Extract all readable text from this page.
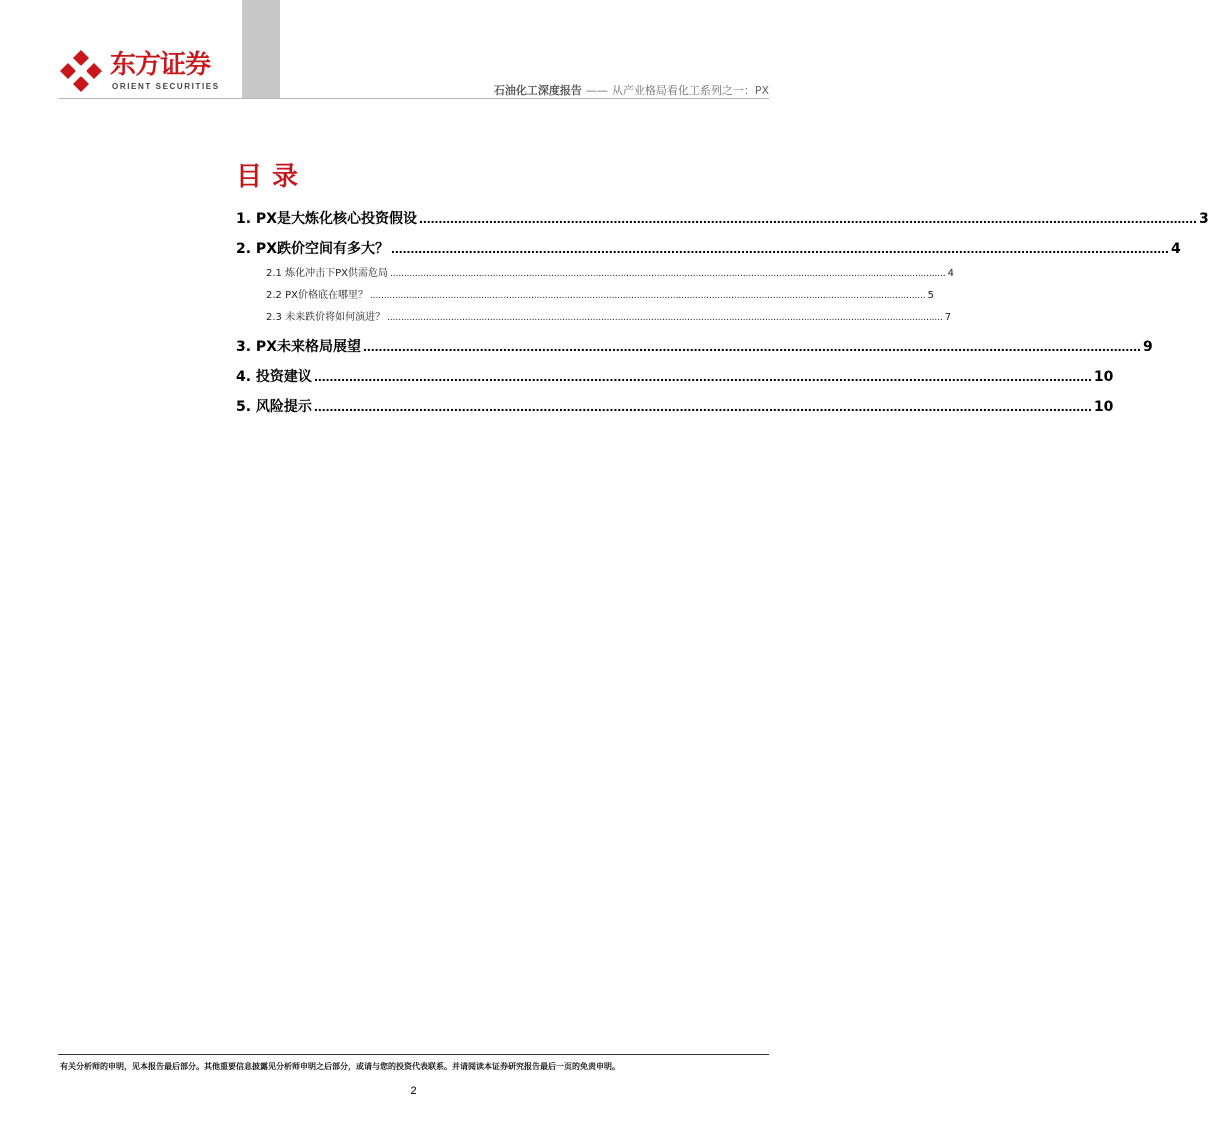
东方证券
ORIENT SECURITIES	石油化工深度报告 —— 从产业格局看化工系列之一：PX
目录
1. PX是大炼化核心投资假设 ........................................................................................................................................................................................................ 3
2. PX跌价空间有多大？ ........................................................................................................................................................................................................ 4
2.1 炼化冲击下PX供需危局 ........................................................................................................................................................................................................ 4
2.2 PX价格底在哪里？ ........................................................................................................................................................................................................ 5
2.3 未来跌价将如何演进？ ........................................................................................................................................................................................................ 7
3. PX未来格局展望 ........................................................................................................................................................................................................ 9
4. 投资建议 ........................................................................................................................................................................................................ 10
5. 风险提示 ........................................................................................................................................................................................................ 10
有关分析师的申明，见本报告最后部分。其他重要信息披露见分析师申明之后部分，或请与您的投资代表联系。并请阅读本证券研究报告最后一页的免责申明。
2
